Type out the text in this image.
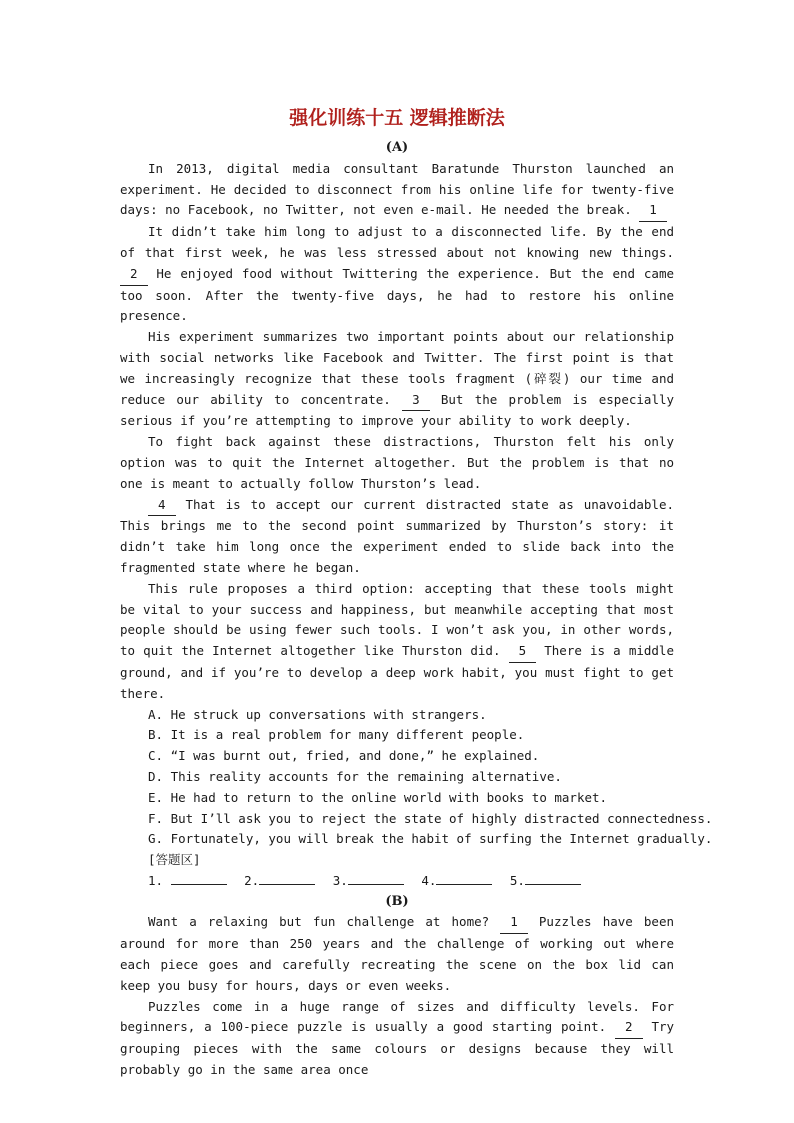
强化训练十五 逻辑推断法
(A)

In 2013, digital media consultant Baratunde Thurston launched an experiment. He decided to disconnect from his online life for twenty-five days: no Facebook, no Twitter, not even e-mail. He needed the break. 1

It didn’t take him long to adjust to a disconnected life. By the end of that first week, he was less stressed about not knowing new things. 2 He enjoyed food without Twittering the experience. But the end came too soon. After the twenty-five days, he had to restore his online presence.

His experiment summarizes two important points about our relationship with social networks like Facebook and Twitter. The first point is that we increasingly recognize that these tools fragment (碎裂) our time and reduce our ability to concentrate. 3 But the problem is especially serious if you’re attempting to improve your ability to work deeply.

To fight back against these distractions, Thurston felt his only option was to quit the Internet altogether. But the problem is that no one is meant to actually follow Thurston’s lead.

4 That is to accept our current distracted state as unavoidable. This brings me to the second point summarized by Thurston’s story: it didn’t take him long once the experiment ended to slide back into the fragmented state where he began.

This rule proposes a third option: accepting that these tools might be vital to your success and happiness, but meanwhile accepting that most people should be using fewer such tools. I won’t ask you, in other words, to quit the Internet altogether like Thurston did. 5 There is a middle ground, and if you’re to develop a deep work habit, you must fight to get there.

A. He struck up conversations with strangers.

B. It is a real problem for many different people.

C. “I was burnt out, fried, and done,” he explained.

D. This reality accounts for the remaining alternative.

E. He had to return to the online world with books to market.

F. But I’ll ask you to reject the state of highly distracted connectedness.

G. Fortunately, you will break the habit of surfing the Internet gradually.

[答题区]

1.	2.	3.	4.	5.

(B)

Want a relaxing but fun challenge at home? 1 Puzzles have been around for more than 250 years and the challenge of working out where each piece goes and carefully recreating the scene on the box lid can keep you busy for hours, days or even weeks.

Puzzles come in a huge range of sizes and difficulty levels. For beginners, a 100-piece puzzle is usually a good starting point. 2 Try grouping pieces with the same colours or designs because they will probably go in the same area once
